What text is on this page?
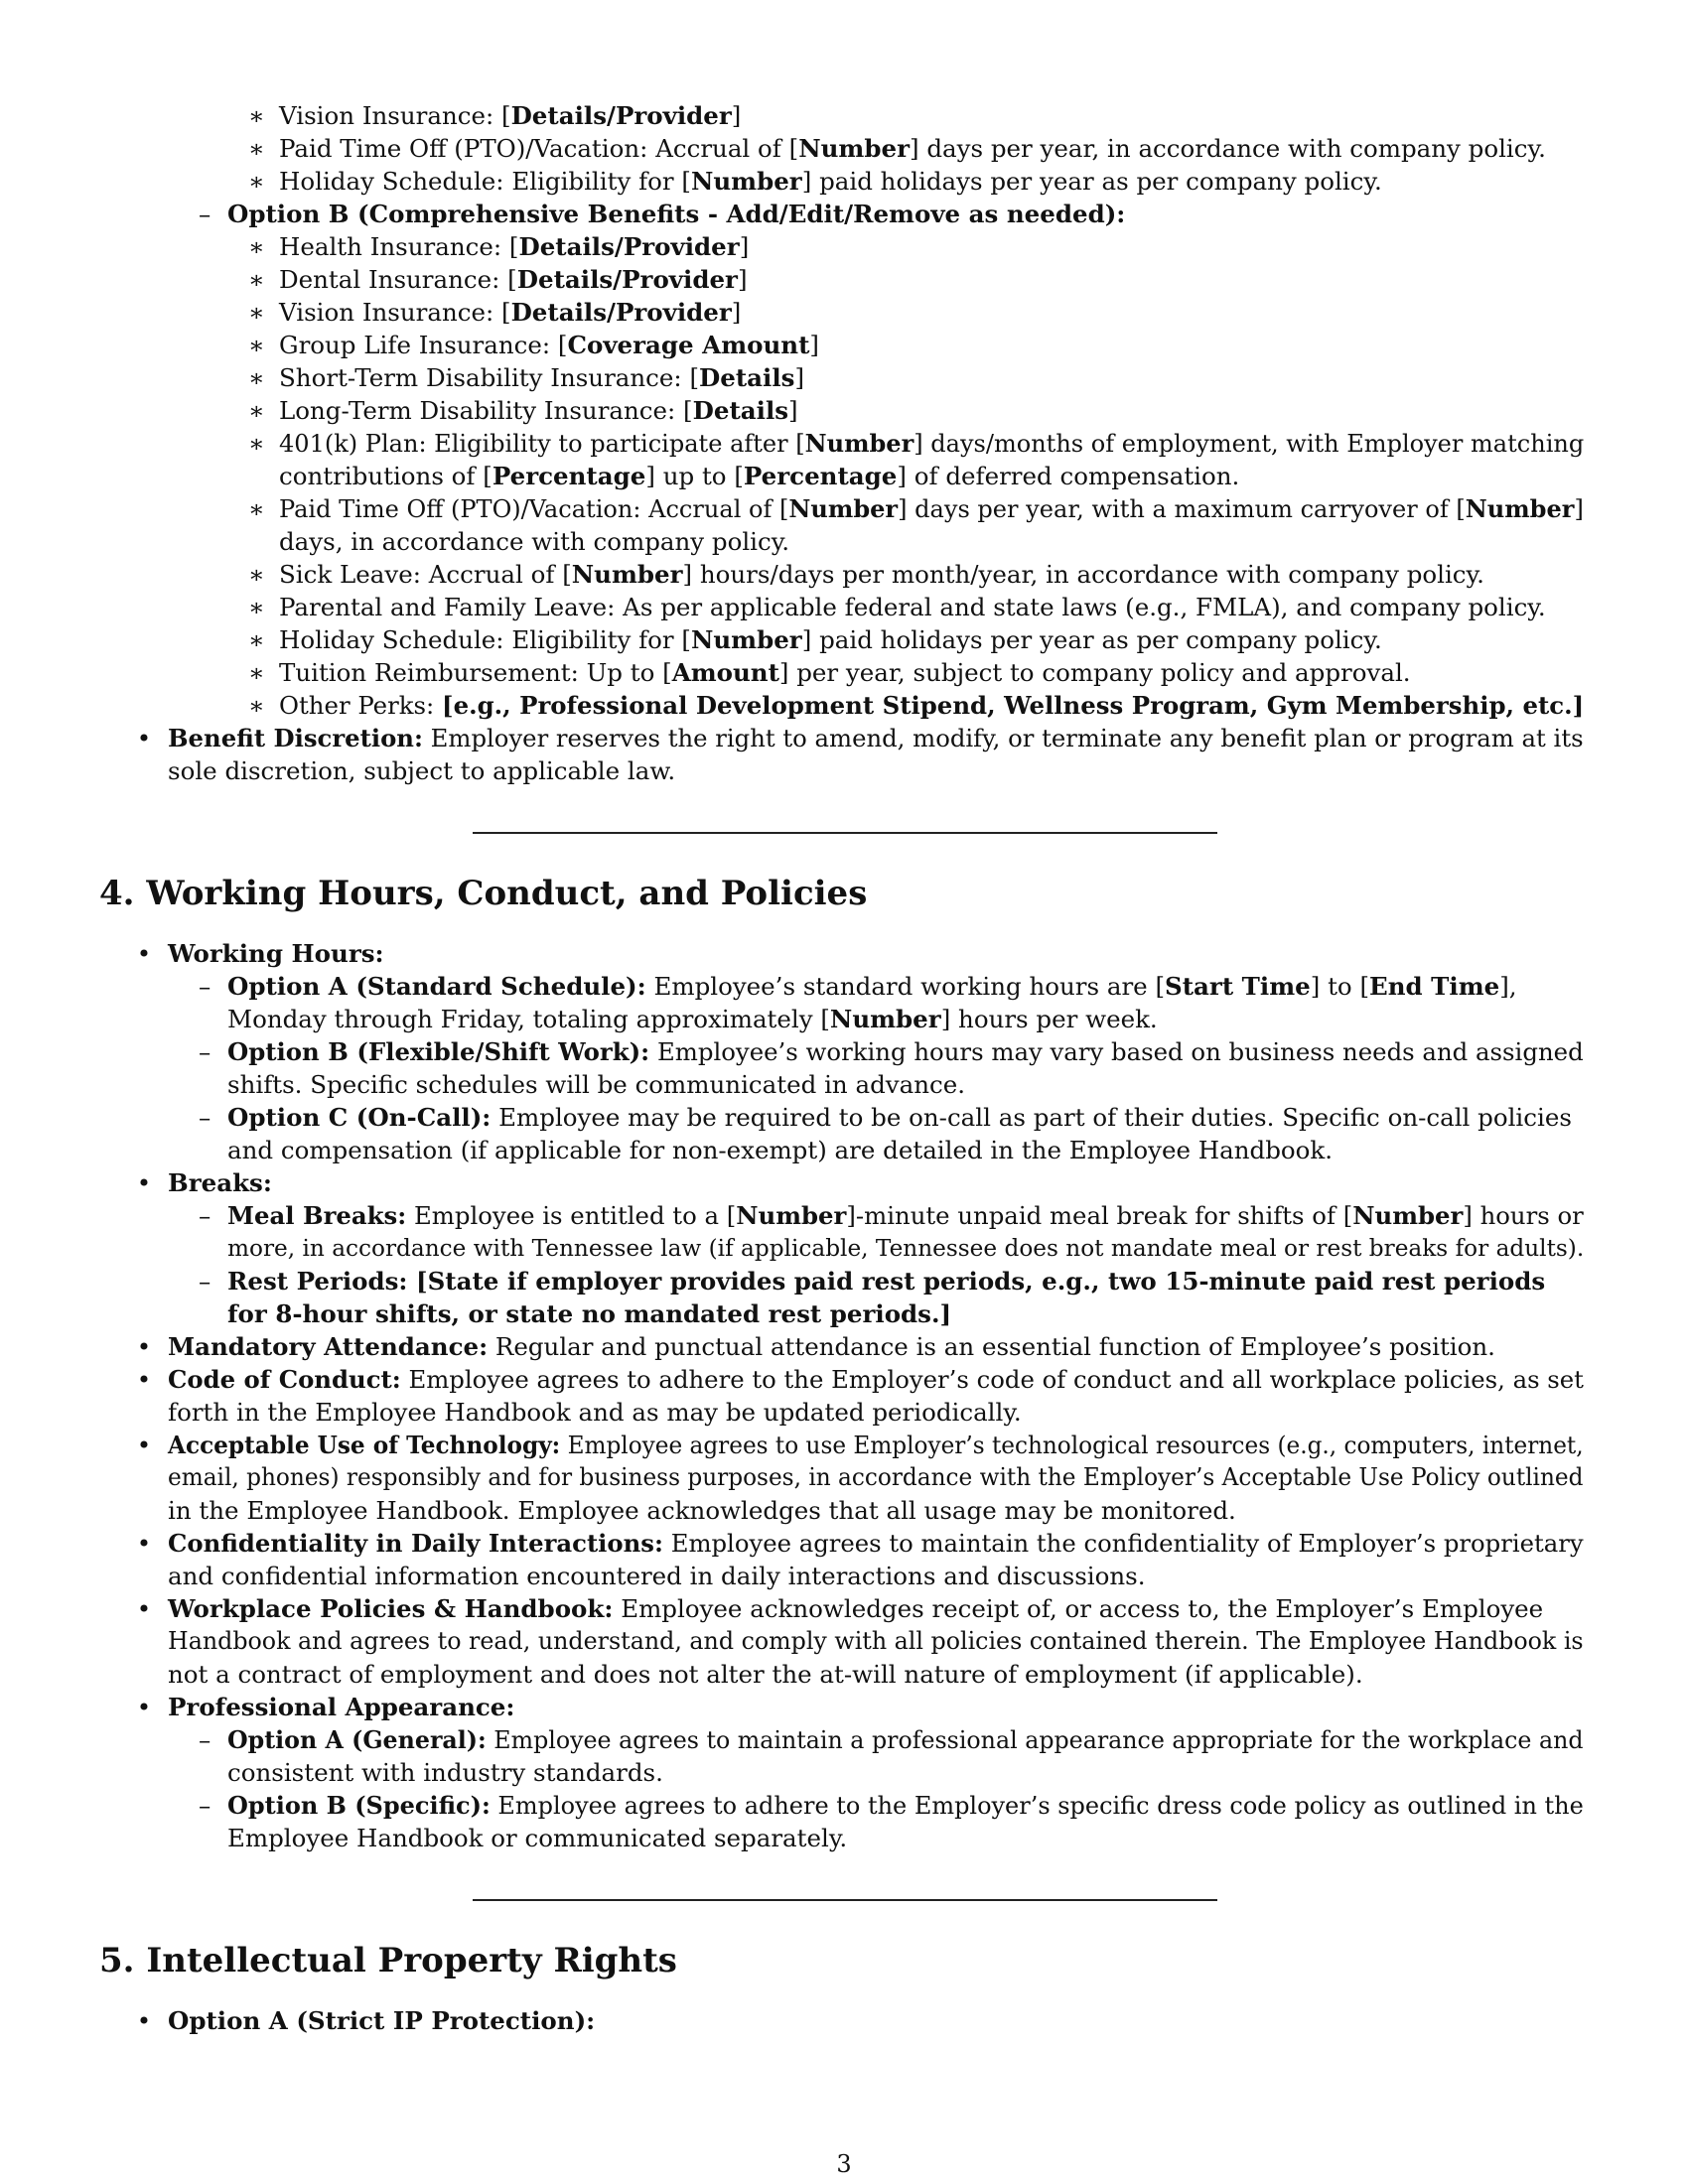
∗ Vision Insurance: [Details/Provider]
∗ Paid Time Off (PTO)/Vacation: Accrual of [Number] days per year, in accordance with company policy.
∗ Holiday Schedule: Eligibility for [Number] paid holidays per year as per company policy.
– Option B (Comprehensive Benefits - Add/Edit/Remove as needed):
∗ Health Insurance: [Details/Provider]
∗ Dental Insurance: [Details/Provider]
∗ Vision Insurance: [Details/Provider]
∗ Group Life Insurance: [Coverage Amount]
∗ Short-Term Disability Insurance: [Details]
∗ Long-Term Disability Insurance: [Details]
∗ 401(k) Plan: Eligibility to participate after [Number] days/months of employment, with Employer matching
contributions of [Percentage] up to [Percentage] of deferred compensation.
∗ Paid Time Off (PTO)/Vacation: Accrual of [Number] days per year, with a maximum carryover of [Number]
days, in accordance with company policy.
∗ Sick Leave: Accrual of [Number] hours/days per month/year, in accordance with company policy.
∗ Parental and Family Leave: As per applicable federal and state laws (e.g., FMLA), and company policy.
∗ Holiday Schedule: Eligibility for [Number] paid holidays per year as per company policy.
∗ Tuition Reimbursement: Up to [Amount] per year, subject to company policy and approval.
∗ Other Perks: [e.g., Professional Development Stipend, Wellness Program, Gym Membership, etc.]
• Benefit Discretion: Employer reserves the right to amend, modify, or terminate any benefit plan or program at its
sole discretion, subject to applicable law.
4. Working Hours, Conduct, and Policies
• Working Hours:
– Option A (Standard Schedule): Employee’s standard working hours are [Start Time] to [End Time],
Monday through Friday, totaling approximately [Number] hours per week.
– Option B (Flexible/Shift Work): Employee’s working hours may vary based on business needs and assigned
shifts. Specific schedules will be communicated in advance.
– Option C (On-Call): Employee may be required to be on-call as part of their duties. Specific on-call policies
and compensation (if applicable for non-exempt) are detailed in the Employee Handbook.
• Breaks:
– Meal Breaks: Employee is entitled to a [Number]-minute unpaid meal break for shifts of [Number] hours or
more, in accordance with Tennessee law (if applicable, Tennessee does not mandate meal or rest breaks for adults).
– Rest Periods: [State if employer provides paid rest periods, e.g., two 15-minute paid rest periods
for 8-hour shifts, or state no mandated rest periods.]
• Mandatory Attendance: Regular and punctual attendance is an essential function of Employee’s position.
• Code of Conduct: Employee agrees to adhere to the Employer’s code of conduct and all workplace policies, as set
forth in the Employee Handbook and as may be updated periodically.
• Acceptable Use of Technology: Employee agrees to use Employer’s technological resources (e.g., computers, internet,
email, phones) responsibly and for business purposes, in accordance with the Employer’s Acceptable Use Policy outlined
in the Employee Handbook. Employee acknowledges that all usage may be monitored.
• Confidentiality in Daily Interactions: Employee agrees to maintain the confidentiality of Employer’s proprietary
and confidential information encountered in daily interactions and discussions.
• Workplace Policies & Handbook: Employee acknowledges receipt of, or access to, the Employer’s Employee
Handbook and agrees to read, understand, and comply with all policies contained therein. The Employee Handbook is
not a contract of employment and does not alter the at-will nature of employment (if applicable).
• Professional Appearance:
– Option A (General): Employee agrees to maintain a professional appearance appropriate for the workplace and
consistent with industry standards.
– Option B (Specific): Employee agrees to adhere to the Employer’s specific dress code policy as outlined in the
Employee Handbook or communicated separately.
5. Intellectual Property Rights
• Option A (Strict IP Protection):
3
